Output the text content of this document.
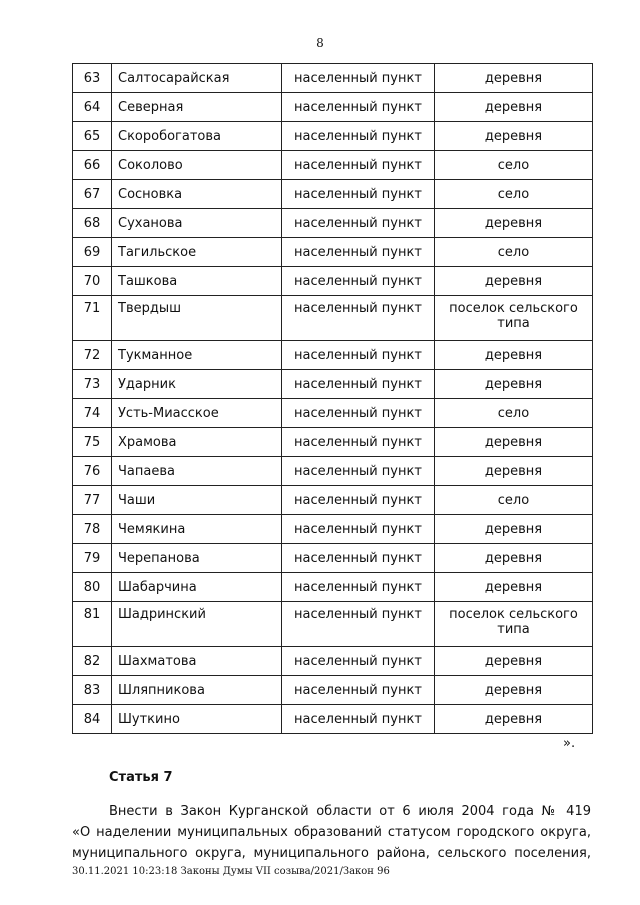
8
63	Салтосарайская	населенный пункт	деревня
64	Северная	населенный пункт	деревня
65	Скоробогатова	населенный пункт	деревня
66	Соколово	населенный пункт	село
67	Сосновка	населенный пункт	село
68	Суханова	населенный пункт	деревня
69	Тагильское	населенный пункт	село
70	Ташкова	населенный пункт	деревня
71	Твердыш	населенный пункт	поселок сельского типа
72	Тукманное	населенный пункт	деревня
73	Ударник	населенный пункт	деревня
74	Усть-Миасское	населенный пункт	село
75	Храмова	населенный пункт	деревня
76	Чапаева	населенный пункт	деревня
77	Чаши	населенный пункт	село
78	Чемякина	населенный пункт	деревня
79	Черепанова	населенный пункт	деревня
80	Шабарчина	населенный пункт	деревня
81	Шадринский	населенный пункт	поселок сельского типа
82	Шахматова	населенный пункт	деревня
83	Шляпникова	населенный пункт	деревня
84	Шуткино	населенный пункт	деревня
».
Статья 7

Внести в Закон Курганской области от 6 июля 2004 года № 419

«О наделении муниципальных образований статусом городского округа,

муниципального округа, муниципального района, сельского поселения,

30.11.2021 10:23:18 Законы Думы VII созыва/2021/Закон 96
